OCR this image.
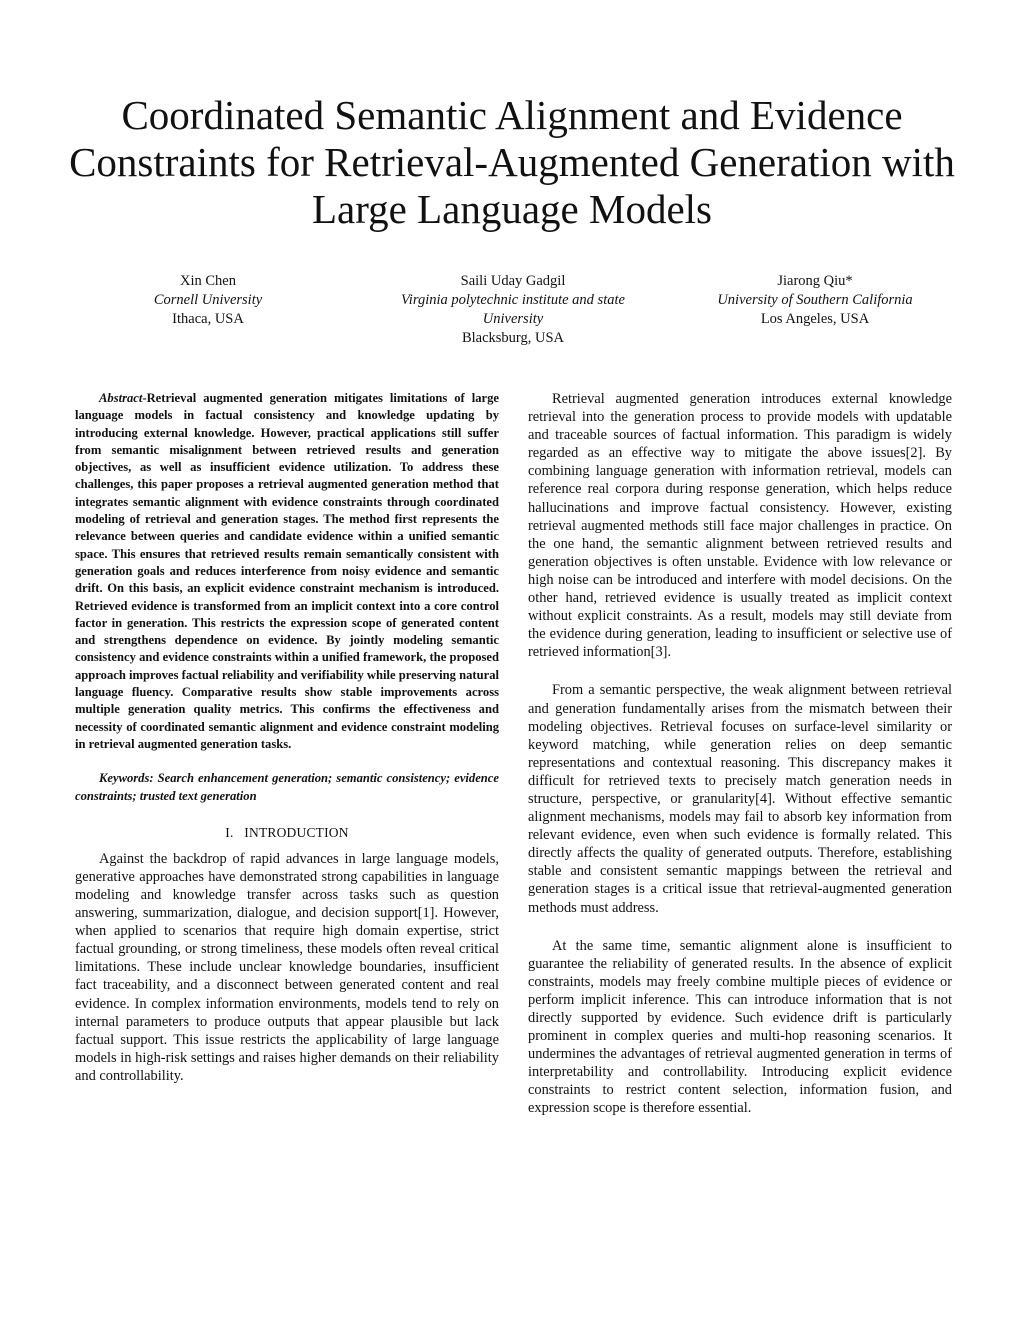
Coordinated Semantic Alignment and Evidence
Constraints for Retrieval-Augmented Generation with
Large Language Models
Xin Chen
Cornell University
Ithaca, USA
Saili Uday Gadgil
Virginia polytechnic institute and state University
Blacksburg, USA
Jiarong Qiu*
University of Southern California
Los Angeles, USA

Abstract-Retrieval augmented generation mitigates limitations of large language models in factual consistency and knowledge updating by introducing external knowledge. However, practical applications still suffer from semantic misalignment between retrieved results and generation objectives, as well as insufficient evidence utilization. To address these challenges, this paper proposes a retrieval augmented generation method that integrates semantic alignment with evidence constraints through coordinated modeling of retrieval and generation stages. The method first represents the relevance between queries and candidate evidence within a unified semantic space. This ensures that retrieved results remain semantically consistent with generation goals and reduces interference from noisy evidence and semantic drift. On this basis, an explicit evidence constraint mechanism is introduced. Retrieved evidence is transformed from an implicit context into a core control factor in generation. This restricts the expression scope of generated content and strengthens dependence on evidence. By jointly modeling semantic consistency and evidence constraints within a unified framework, the proposed approach improves factual reliability and verifiability while preserving natural language fluency. Comparative results show stable improvements across multiple generation quality metrics. This confirms the effectiveness and necessity of coordinated semantic alignment and evidence constraint modeling in retrieval augmented generation tasks.

Keywords: Search enhancement generation; semantic consistency; evidence constraints; trusted text generation

I. INTRODUCTION

Against the backdrop of rapid advances in large language models, generative approaches have demonstrated strong capabilities in language modeling and knowledge transfer across tasks such as question answering, summarization, dialogue, and decision support[1]. However, when applied to scenarios that require high domain expertise, strict factual grounding, or strong timeliness, these models often reveal critical limitations. These include unclear knowledge boundaries, insufficient fact traceability, and a disconnect between generated content and real evidence. In complex information environments, models tend to rely on internal parameters to produce outputs that appear plausible but lack factual support. This issue restricts the applicability of large language models in high-risk settings and raises higher demands on their reliability and controllability.

Retrieval augmented generation introduces external knowledge retrieval into the generation process to provide models with updatable and traceable sources of factual information. This paradigm is widely regarded as an effective way to mitigate the above issues[2]. By combining language generation with information retrieval, models can reference real corpora during response generation, which helps reduce hallucinations and improve factual consistency. However, existing retrieval augmented methods still face major challenges in practice. On the one hand, the semantic alignment between retrieved results and generation objectives is often unstable. Evidence with low relevance or high noise can be introduced and interfere with model decisions. On the other hand, retrieved evidence is usually treated as implicit context without explicit constraints. As a result, models may still deviate from the evidence during generation, leading to insufficient or selective use of retrieved information[3].

From a semantic perspective, the weak alignment between retrieval and generation fundamentally arises from the mismatch between their modeling objectives. Retrieval focuses on surface-level similarity or keyword matching, while generation relies on deep semantic representations and contextual reasoning. This discrepancy makes it difficult for retrieved texts to precisely match generation needs in structure, perspective, or granularity[4]. Without effective semantic alignment mechanisms, models may fail to absorb key information from relevant evidence, even when such evidence is formally related. This directly affects the quality of generated outputs. Therefore, establishing stable and consistent semantic mappings between the retrieval and generation stages is a critical issue that retrieval-augmented generation methods must address.

At the same time, semantic alignment alone is insufficient to guarantee the reliability of generated results. In the absence of explicit constraints, models may freely combine multiple pieces of evidence or perform implicit inference. This can introduce information that is not directly supported by evidence. Such evidence drift is particularly prominent in complex queries and multi-hop reasoning scenarios. It undermines the advantages of retrieval augmented generation in terms of interpretability and controllability. Introducing explicit evidence constraints to restrict content selection, information fusion, and expression scope is therefore essential.
